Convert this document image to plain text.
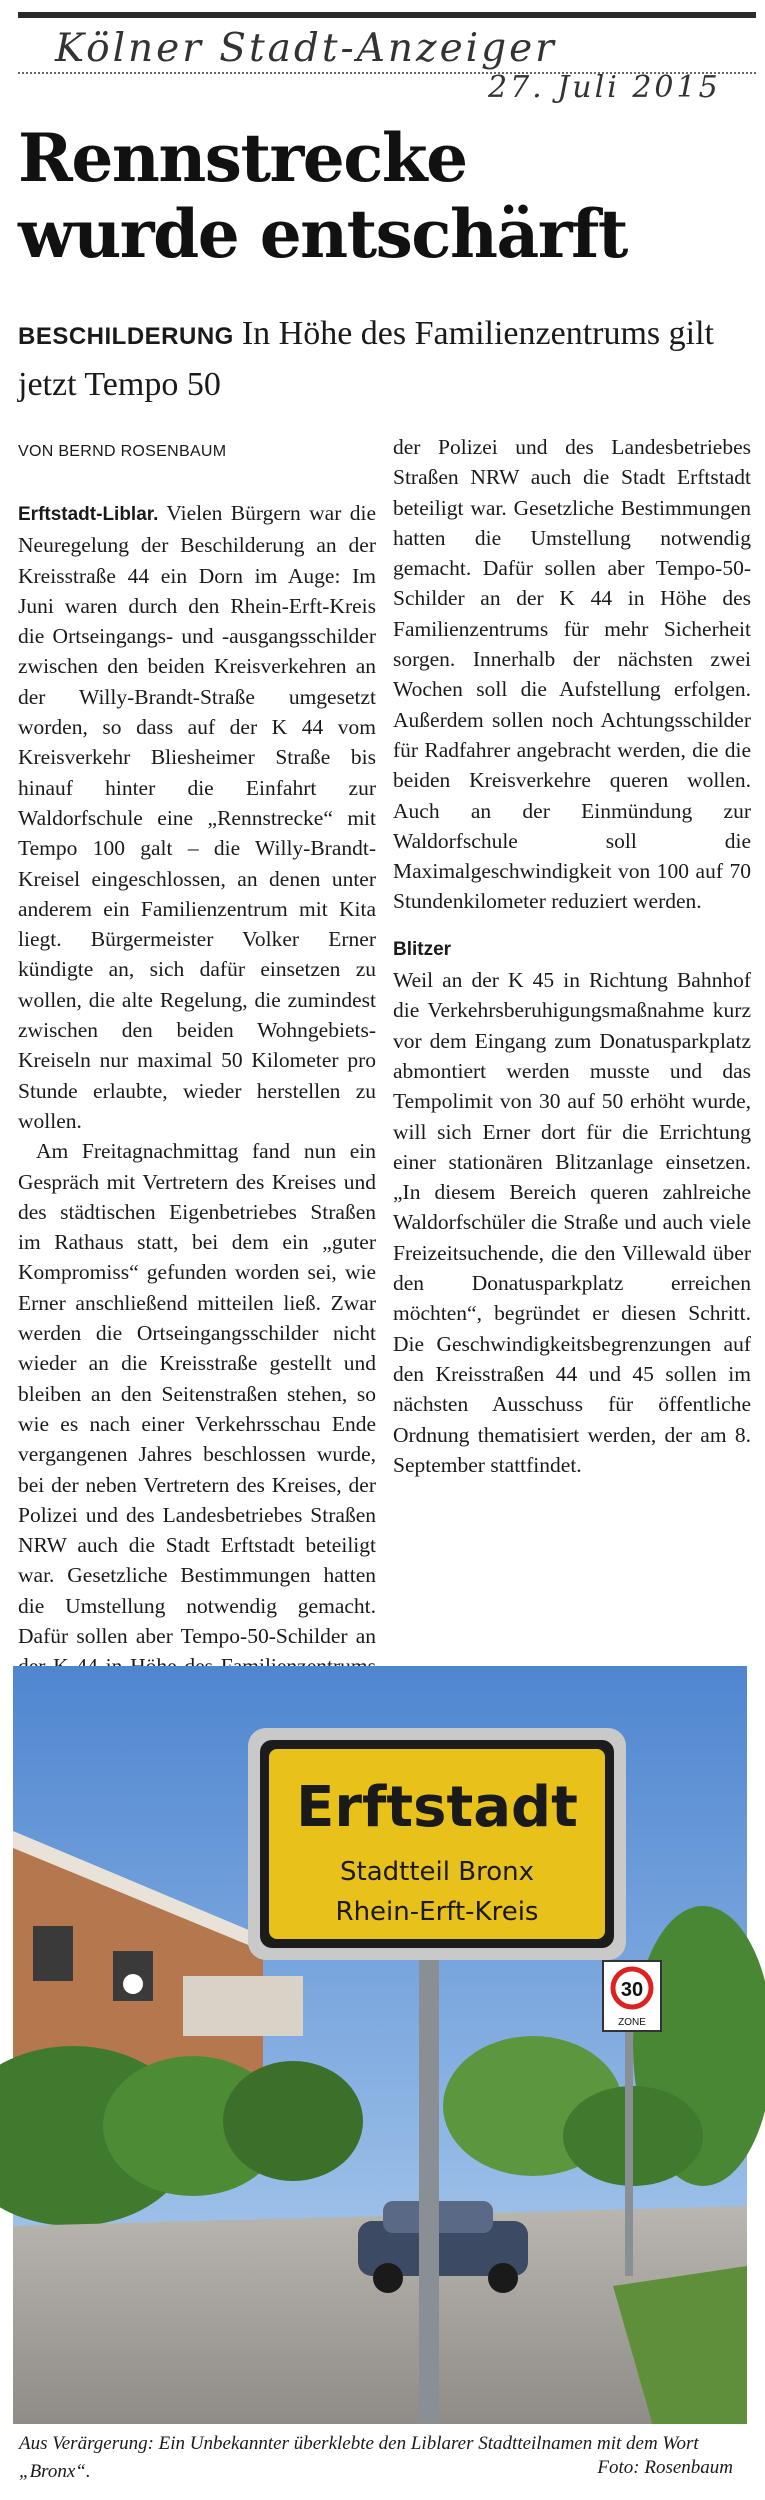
Kölner Stadt-Anzeiger
27. Juli 2015
Rennstrecke
wurde entschärft
BESCHILDERUNG In Höhe des Familienzentrums gilt jetzt Tempo 50
VON BERND ROSENBAUM

Erftstadt-Liblar. Vielen Bürgern war die Neuregelung der Beschilderung an der Kreisstraße 44 ein Dorn im Auge: Im Juni waren durch den Rhein-Erft-Kreis die Ortseingangs- und -ausgangsschilder zwischen den beiden Kreisverkehren an der Willy-Brandt-Straße umgesetzt worden, so dass auf der K 44 vom Kreisverkehr Bliesheimer Straße bis hinauf hinter die Einfahrt zur Waldorfschule eine „Rennstrecke“ mit Tempo 100 galt – die Willy-Brandt-Kreisel eingeschlossen, an denen unter anderem ein Familienzentrum mit Kita liegt. Bürgermeister Volker Erner kündigte an, sich dafür einsetzen zu wollen, die alte Regelung, die zumindest zwischen den beiden Wohngebiets-Kreiseln nur maximal 50 Kilometer pro Stunde erlaubte, wieder herstellen zu wollen.

Am Freitagnachmittag fand nun ein Gespräch mit Vertretern des Kreises und des städtischen Eigenbetriebes Straßen im Rathaus statt, bei dem ein „guter Kompromiss“ gefunden worden sei, wie Erner anschließend mitteilen ließ. Zwar werden die Ortseingangsschilder nicht wieder an die Kreisstraße gestellt und bleiben an den Seitenstraßen stehen, so wie es nach einer Verkehrsschau Ende vergangenen Jahres beschlossen wurde, bei der neben Vertretern des Kreises, der Polizei und des Landesbetriebes Straßen NRW auch die Stadt Erftstadt beteiligt war. Gesetzliche Bestimmungen hatten die Umstellung notwendig gemacht. Dafür sollen aber Tempo-50-Schilder an

der Polizei und des Landesbetriebes Straßen NRW auch die Stadt Erftstadt beteiligt war. Gesetzliche Bestimmungen hatten die Umstellung notwendig gemacht. Dafür sollen aber Tempo-50-Schilder an der K 44 in Höhe des Familienzentrums für mehr Sicherheit sorgen. Innerhalb der nächsten zwei Wochen soll die Aufstellung erfolgen. Außerdem sollen noch Achtungsschilder für Radfahrer angebracht werden, die die beiden Kreisverkehre queren wollen. Auch an der Einmündung zur Waldorfschule soll die Maximalgeschwindigkeit von 100 auf 70 Stundenkilometer reduziert werden.

Blitzer

Weil an der K 45 in Richtung Bahnhof die Verkehrsberuhigungsmaßnahme kurz vor dem Eingang zum Donatusparkplatz abmontiert werden musste und das Tempolimit von 30 auf 50 erhöht wurde, will sich Erner dort für die Errichtung einer stationären Blitzanlage einsetzen. „In diesem Bereich queren zahlreiche Waldorfschüler die Straße und auch viele Freizeitsuchende, die den Villewald über den Donatusparkplatz erreichen möchten“, begründet er diesen Schritt. Die Geschwindigkeitsbegrenzungen auf den Kreisstraßen 44 und 45 sollen im nächsten Ausschuss für öffentliche Ordnung thematisiert werden, der am 8. September stattfindet.

30
ZONE
Erftstadt
Stadtteil Bronx
Rhein-Erft-Kreis
Aus Verärgerung: Ein Unbekannter überklebte den Liblarer Stadtteilnamen mit dem Wort „Bronx“.	Foto: Rosenbaum
